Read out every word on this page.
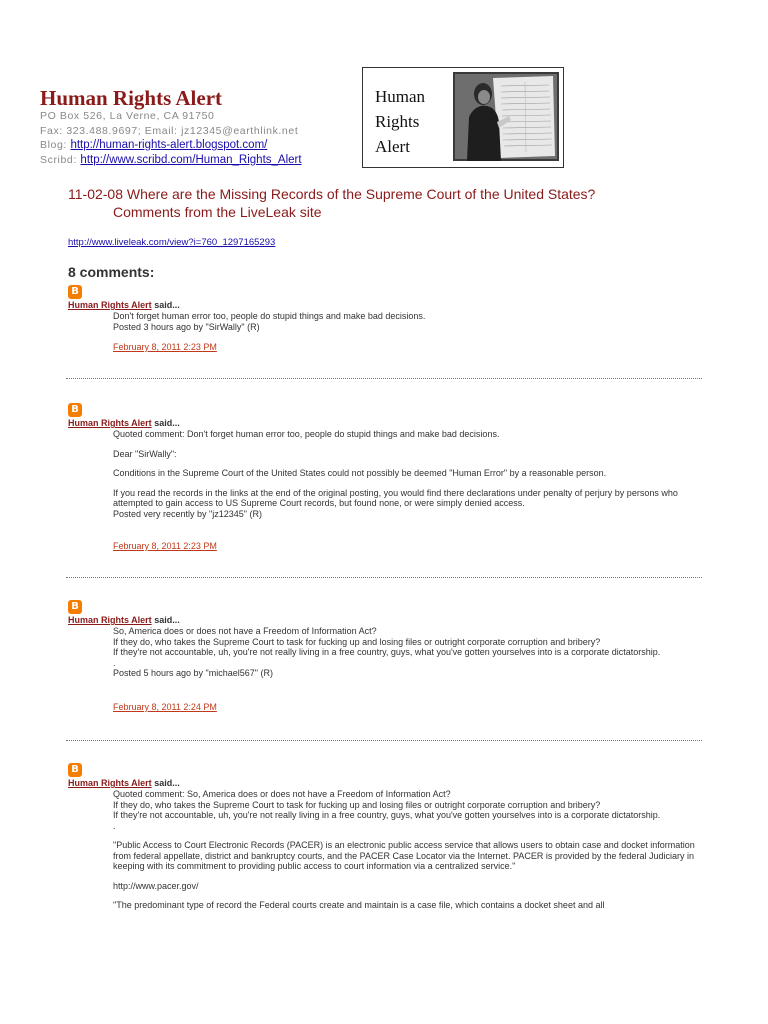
Human Rights Alert
PO Box 526, La Verne, CA 91750
Fax: 323.488.9697; Email: jz12345@earthlink.net
Blog: http://human-rights-alert.blogspot.com/
Scribd: http://www.scribd.com/Human_Rights_Alert
Human
Rights
Alert
11-02-08 Where are the Missing Records of the Supreme Court of the United States?
Comments from the LiveLeak site
http://www.liveleak.com/view?i=760_1297165293
8 comments:
B
Human Rights Alert said...

Don't forget human error too, people do stupid things and make bad decisions.

Posted 3 hours ago by "SirWally" (R)

February 8, 2011 2:23 PM
B
Human Rights Alert said...

Quoted comment: Don't forget human error too, people do stupid things and make bad decisions.

Dear "SirWally":

Conditions in the Supreme Court of the United States could not possibly be deemed "Human Error" by a reasonable person.

If you read the records in the links at the end of the original posting, you would find there declarations under penalty of perjury by persons who attempted to gain access to US Supreme Court records, but found none, or were simply denied access.

Posted very recently by "jz12345" (R)

February 8, 2011 2:23 PM
B
Human Rights Alert said...

So, America does or does not have a Freedom of Information Act?

If they do, who takes the Supreme Court to task for fucking up and losing files or outright corporate corruption and bribery?

If they're not accountable, uh, you're not really living in a free country, guys, what you've gotten yourselves into is a corporate dictatorship.

.

Posted 5 hours ago by "michael567" (R)

February 8, 2011 2:24 PM
B
Human Rights Alert said...

Quoted comment: So, America does or does not have a Freedom of Information Act?

If they do, who takes the Supreme Court to task for fucking up and losing files or outright corporate corruption and bribery?

If they're not accountable, uh, you're not really living in a free country, guys, what you've gotten yourselves into is a corporate dictatorship.

.

"Public Access to Court Electronic Records (PACER) is an electronic public access service that allows users to obtain case and docket information from federal appellate, district and bankruptcy courts, and the PACER Case Locator via the Internet. PACER is provided by the federal Judiciary in keeping with its commitment to providing public access to court information via a centralized service."

http://www.pacer.gov/

"The predominant type of record the Federal courts create and maintain is a case file, which contains a docket sheet and all
